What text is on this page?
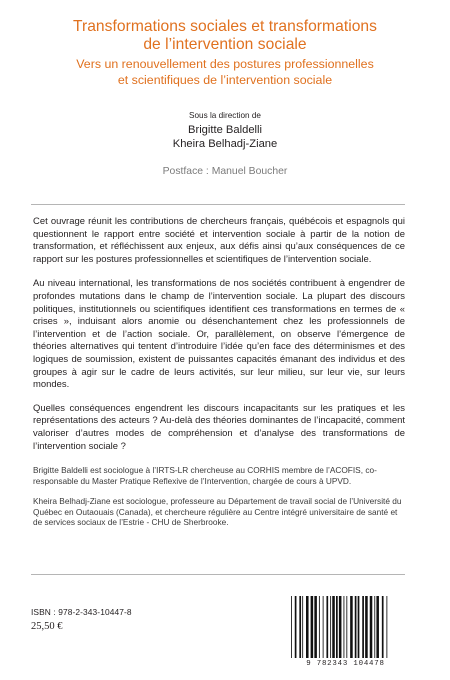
Transformations sociales et transformations
de l’intervention sociale

Vers un renouvellement des postures professionnelles
et scientifiques de l’intervention sociale

Sous la direction de
Brigitte Baldelli
Kheira Belhadj-Ziane
Postface : Manuel Boucher

Cet ouvrage réunit les contributions de chercheurs français, québécois et espagnols qui questionnent le rapport entre société et intervention sociale à partir de la notion de transformation, et réfléchissent aux enjeux, aux défis ainsi qu’aux conséquences de ce rapport sur les postures professionnelles et scientifiques de l’intervention sociale.

Au niveau international, les transformations de nos sociétés contribuent à engendrer de profondes mutations dans le champ de l’intervention sociale. La plupart des discours politiques, institutionnels ou scientifiques identifient ces transformations en termes de « crises », induisant alors anomie ou désenchantement chez les professionnels de l’intervention et de l’action sociale. Or, parallèlement, on observe l’émergence de théories alternatives qui tentent d’introduire l’idée qu’en face des déterminismes et des logiques de soumission, existent de puissantes capacités émanant des individus et des groupes à agir sur le cadre de leurs activités, sur leur milieu, sur leur vie, sur leurs mondes.

Quelles conséquences engendrent les discours incapacitants sur les pratiques et les représentations des acteurs ? Au-delà des théories dominantes de l’incapacité, comment valoriser d’autres modes de compréhension et d’analyse des transformations de l’intervention sociale ?

Brigitte Baldelli est sociologue à l’IRTS-LR chercheuse au CORHIS membre de l’ACOFIS, co-responsable du Master Pratique Reflexive de l’Intervention, chargée de cours à UPVD.

Kheira Belhadj-Ziane est sociologue, professeure au Département de travail social de l’Université du Québec en Outaouais (Canada), et chercheure régulière au Centre intégré universitaire de santé et de services sociaux de l’Estrie - CHU de Sherbrooke.

ISBN : 978-2-343-10447-8
25,50 €
9 782343 104478
